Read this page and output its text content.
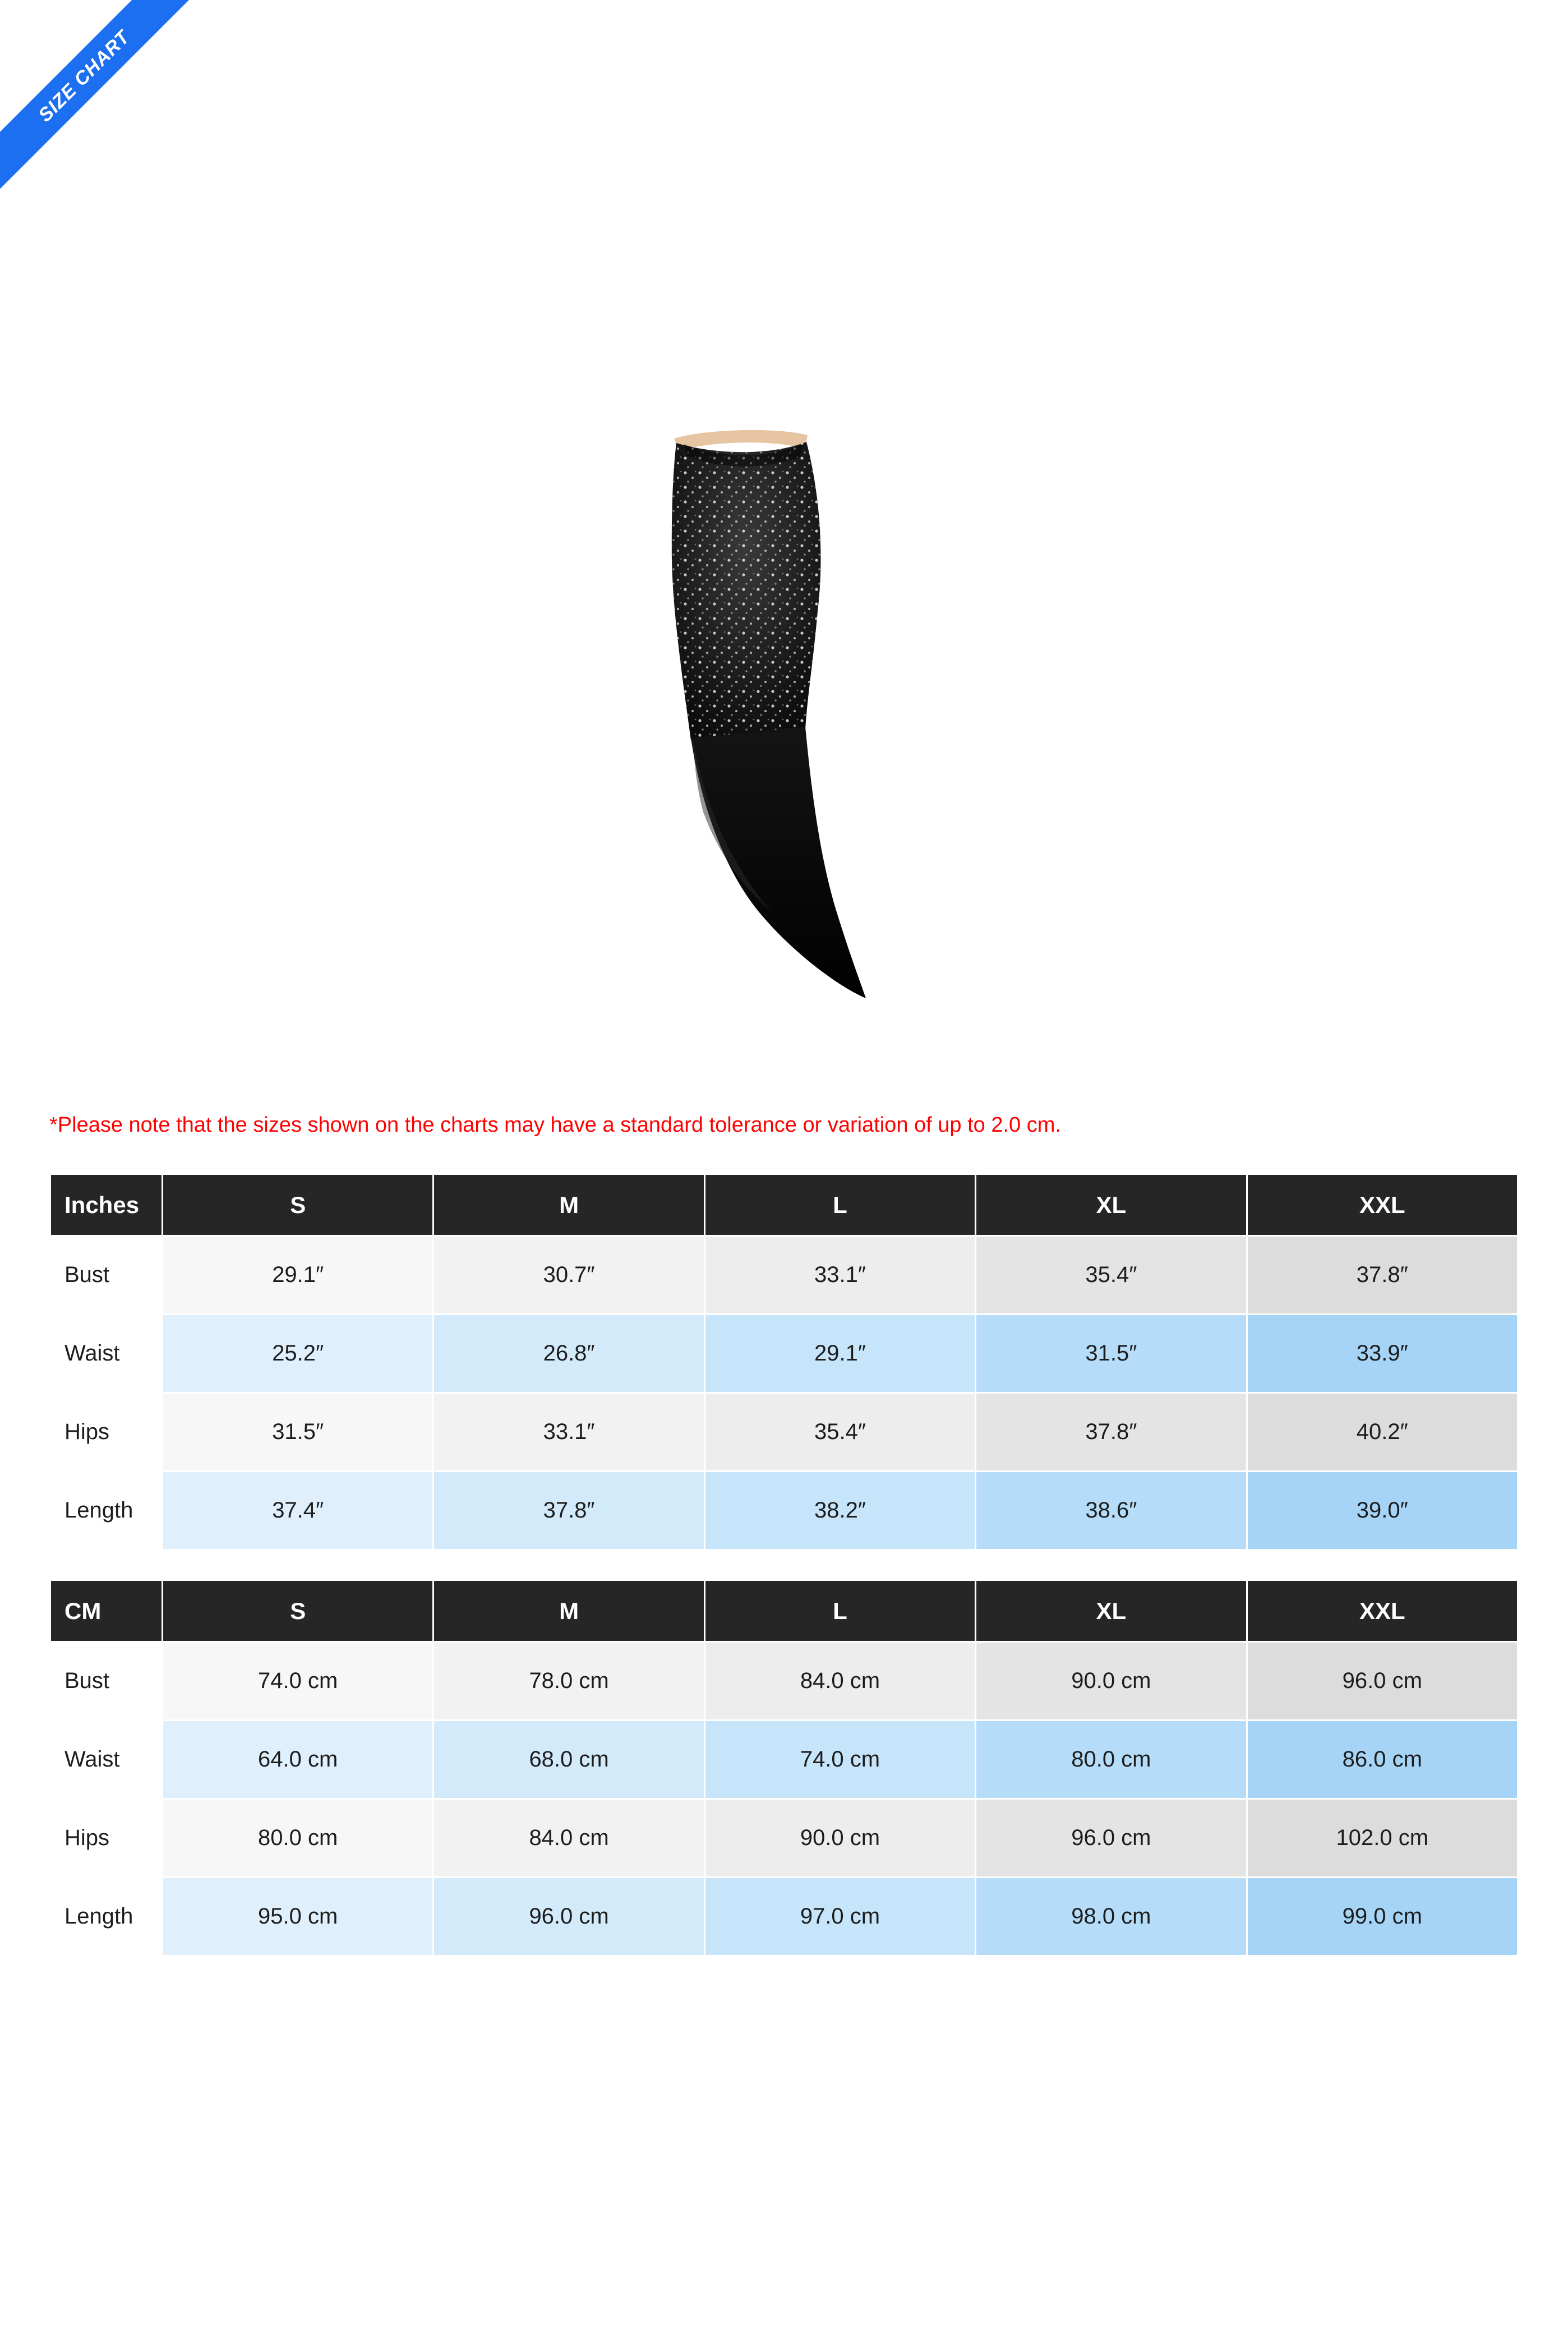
SIZE CHART
*Please note that the sizes shown on the charts may have a standard tolerance or variation of up to 2.0 cm.
Inches	S	M	L	XL	XXL
Bust	29.1″	30.7″	33.1″	35.4″	37.8″
Waist	25.2″	26.8″	29.1″	31.5″	33.9″
Hips	31.5″	33.1″	35.4″	37.8″	40.2″
Length	37.4″	37.8″	38.2″	38.6″	39.0″
CM	S	M	L	XL	XXL
Bust	74.0 cm	78.0 cm	84.0 cm	90.0 cm	96.0 cm
Waist	64.0 cm	68.0 cm	74.0 cm	80.0 cm	86.0 cm
Hips	80.0 cm	84.0 cm	90.0 cm	96.0 cm	102.0 cm
Length	95.0 cm	96.0 cm	97.0 cm	98.0 cm	99.0 cm
